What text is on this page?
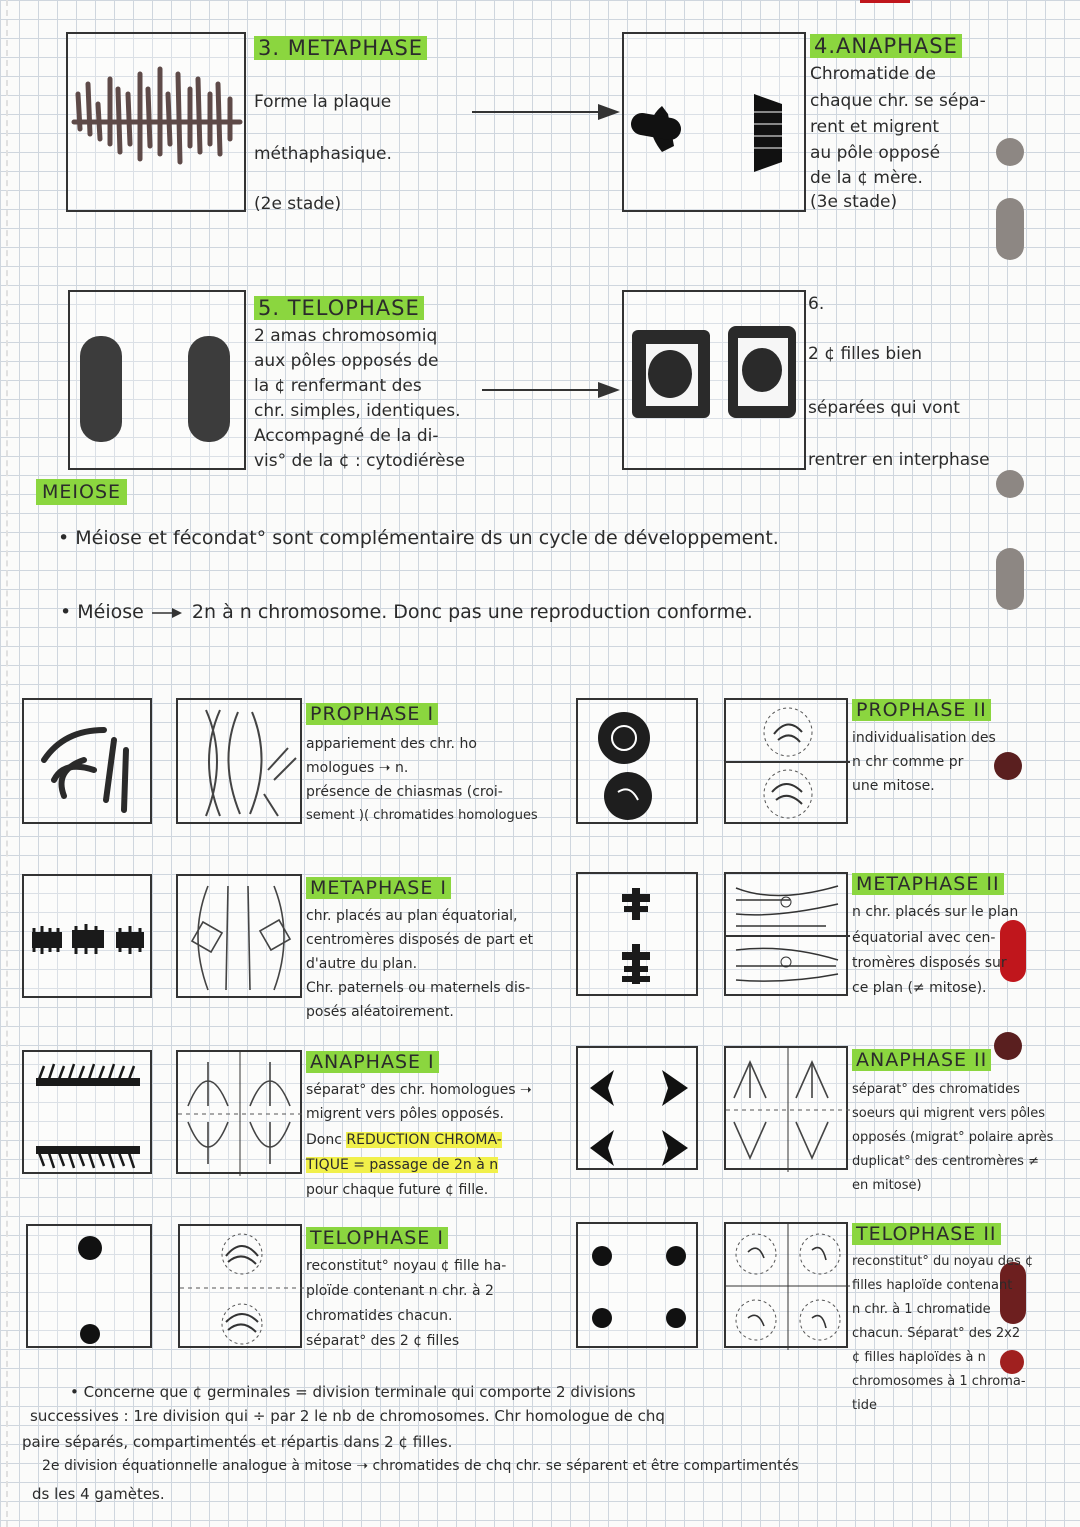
3. METAPHASE
Forme la plaque
méthaphasique.
(2e stade)
4.ANAPHASE
Chromatide de
chaque chr. se sépa-
rent et migrent
au pôle opposé
de la ¢ mère.
(3e stade)
5. TELOPHASE
2 amas chromosomiq
aux pôles opposés de
la ¢ renfermant des
chr. simples, identiques.
Accompagné de la di-
vis° de la ¢ : cytodiérèse
6.
2 ¢ filles bien
séparées qui vont
rentrer en interphase
MEIOSE
• Méiose et fécondat° sont complémentaire ds un cycle de développement.
• Méiose	2n à n chromosome. Donc pas une reproduction conforme.
PROPHASE I
appariement des chr. ho
mologues ➝ n.
présence de chiasmas (croi-
sement )( chromatides homologues
PROPHASE II
individualisation des
n chr comme pr
une mitose.
METAPHASE I
chr. placés au plan équatorial,
centromères disposés de part et
d'autre du plan.
Chr. paternels ou maternels dis-
posés aléatoirement.
METAPHASE II
n chr. placés sur le plan
équatorial avec cen-
tromères disposés sur
ce plan (≠ mitose).
ANAPHASE I
séparat° des chr. homologues ➝
migrent vers pôles opposés.
Donc REDUCTION CHROMA-
TIQUE = passage de 2n à n
pour chaque future ¢ fille.
ANAPHASE II
séparat° des chromatides
soeurs qui migrent vers pôles
opposés (migrat° polaire après
duplicat° des centromères ≠
en mitose)
TELOPHASE I
reconstitut° noyau ¢ fille ha-
ploïde contenant n chr. à 2
chromatides chacun.
séparat° des 2 ¢ filles
TELOPHASE II
reconstitut° du noyau des ¢
filles haploïde contenant
n chr. à 1 chromatide
chacun. Séparat° des 2x2
¢ filles haploïdes à n
chromosomes à 1 chroma-
tide
• Concerne que ¢ germinales = division terminale qui comporte 2 divisions
successives : 1re division qui ÷ par 2 le nb de chromosomes. Chr homologue de chq
paire séparés, compartimentés et répartis dans 2 ¢ filles.
2e division équationnelle analogue à mitose ➝ chromatides de chq chr. se séparent et être compartimentés
ds les 4 gamètes.
